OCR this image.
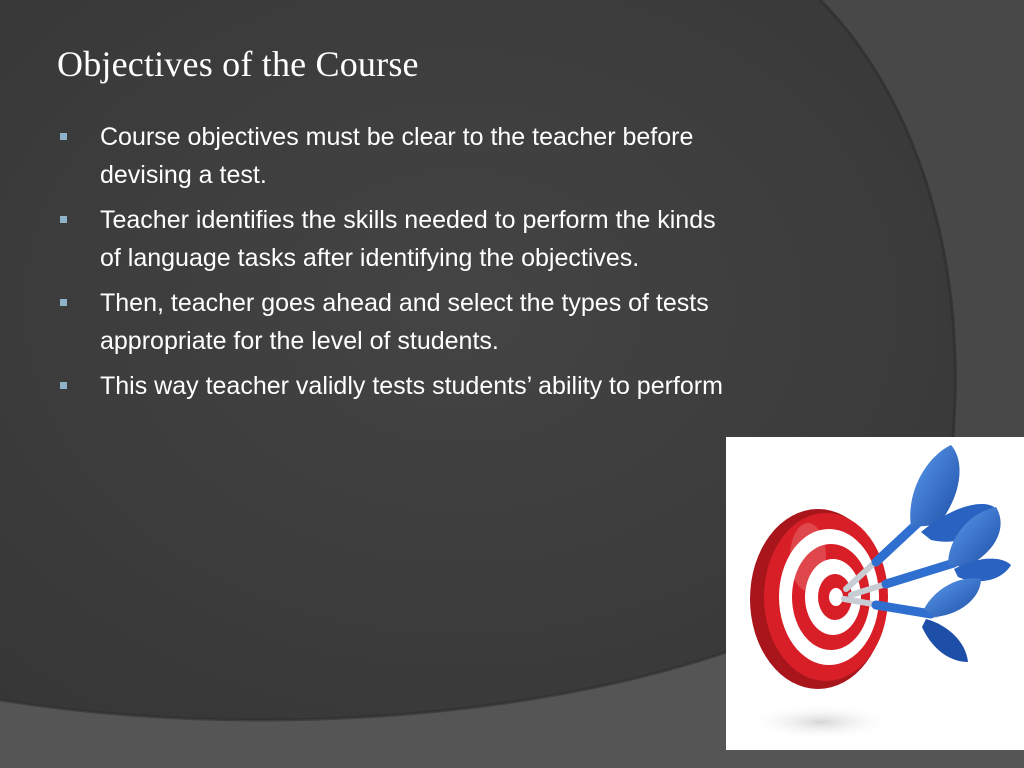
Objectives of the Course
Course objectives must be clear to the teacher before devising a test.
Teacher identifies the skills needed to perform the kinds of language tasks after identifying the objectives.
Then, teacher goes ahead and select the types of tests appropriate for the level of students.
This way teacher validly tests students’ ability to perform
